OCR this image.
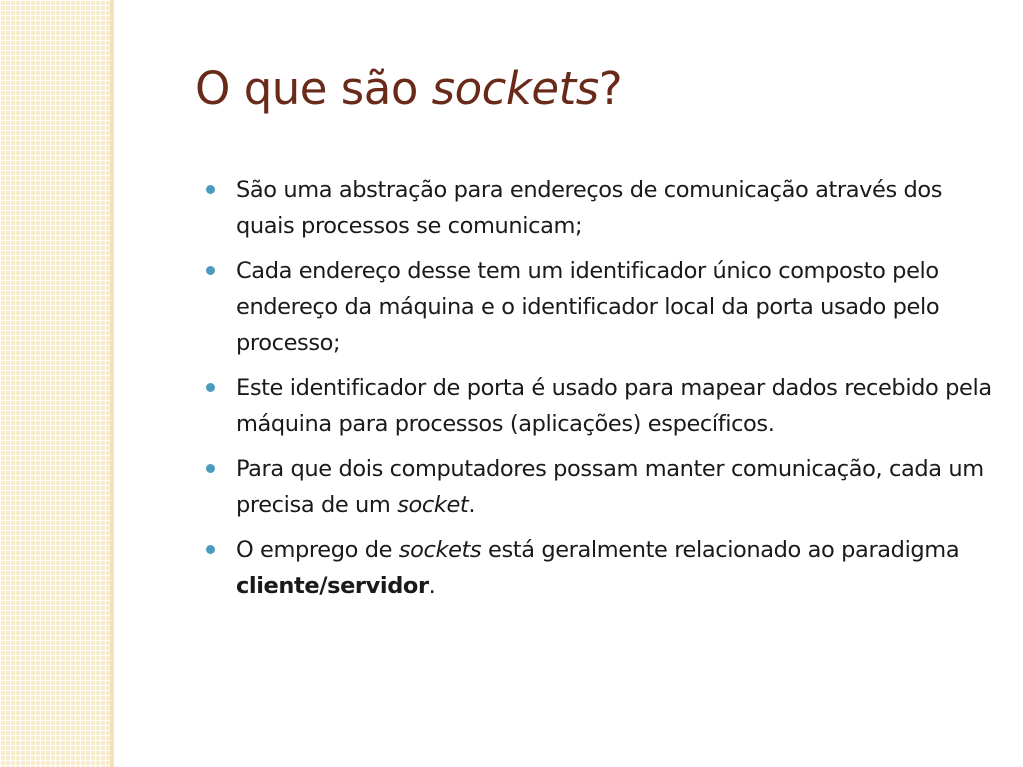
O que são sockets?
São uma abstração para endereços de comunicação através dos quais processos se comunicam;
Cada endereço desse tem um identificador único composto pelo endereço da máquina e o identificador local da porta usado pelo processo;
Este identificador de porta é usado para mapear dados recebido pela máquina para processos (aplicações) específicos.
Para que dois computadores possam manter comunicação, cada um precisa de um socket.
O emprego de sockets está geralmente relacionado ao paradigma cliente/servidor.
